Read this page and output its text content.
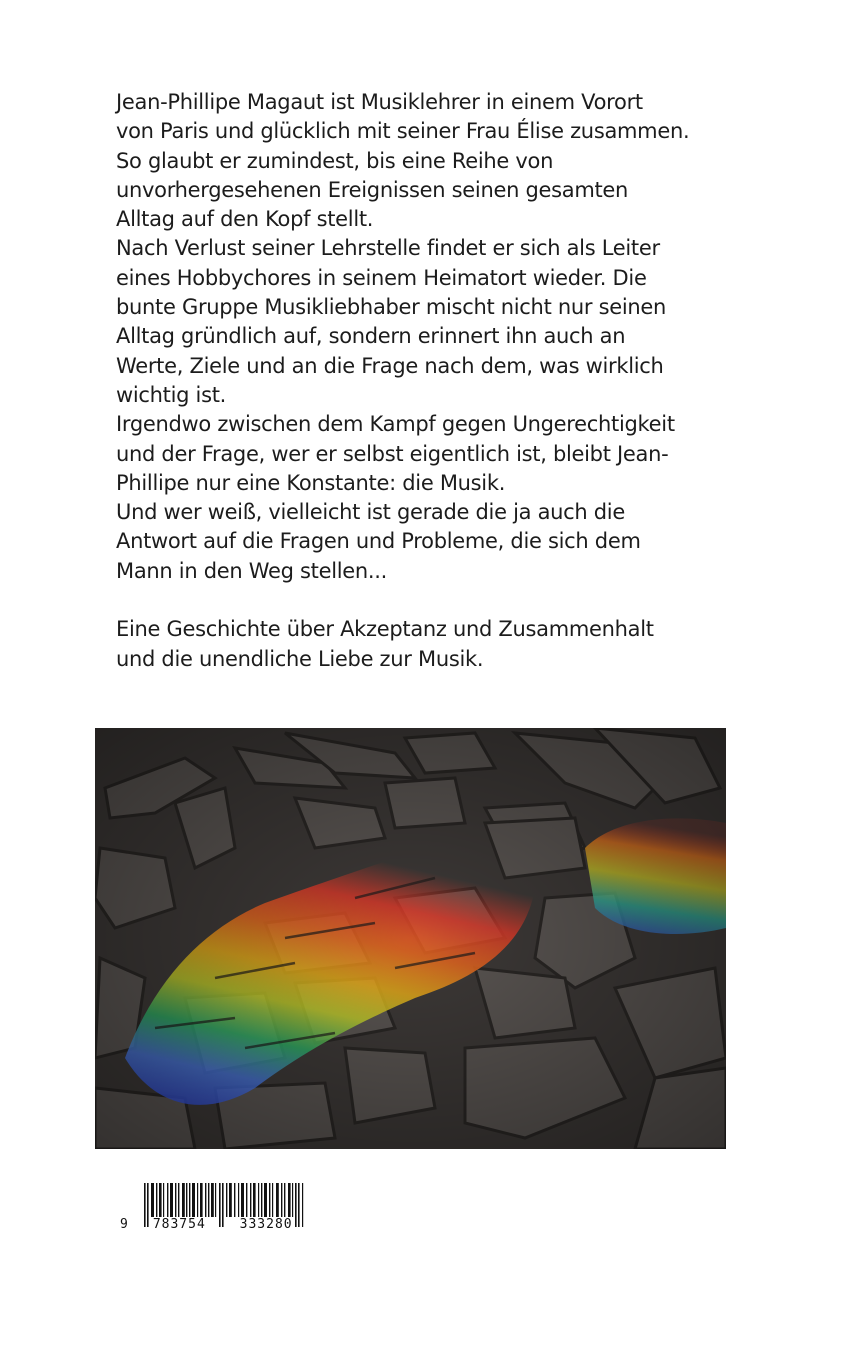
Jean-Phillipe Magaut ist Musiklehrer in einem Vorort
von Paris und glücklich mit seiner Frau Élise zusammen.
So glaubt er zumindest, bis eine Reihe von
unvorhergesehenen Ereignissen seinen gesamten
Alltag auf den Kopf stellt.
Nach Verlust seiner Lehrstelle findet er sich als Leiter
eines Hobbychores in seinem Heimatort wieder. Die
bunte Gruppe Musikliebhaber mischt nicht nur seinen
Alltag gründlich auf, sondern erinnert ihn auch an
Werte, Ziele und an die Frage nach dem, was wirklich
wichtig ist.
Irgendwo zwischen dem Kampf gegen Ungerechtigkeit
und der Frage, wer er selbst eigentlich ist, bleibt Jean-
Phillipe nur eine Konstante: die Musik.
Und wer weiß, vielleicht ist gerade die ja auch die
Antwort auf die Fragen und Probleme, die sich dem
Mann in den Weg stellen...
Eine Geschichte über Akzeptanz und Zusammenhalt
und die unendliche Liebe zur Musik.
9 783754	333280
